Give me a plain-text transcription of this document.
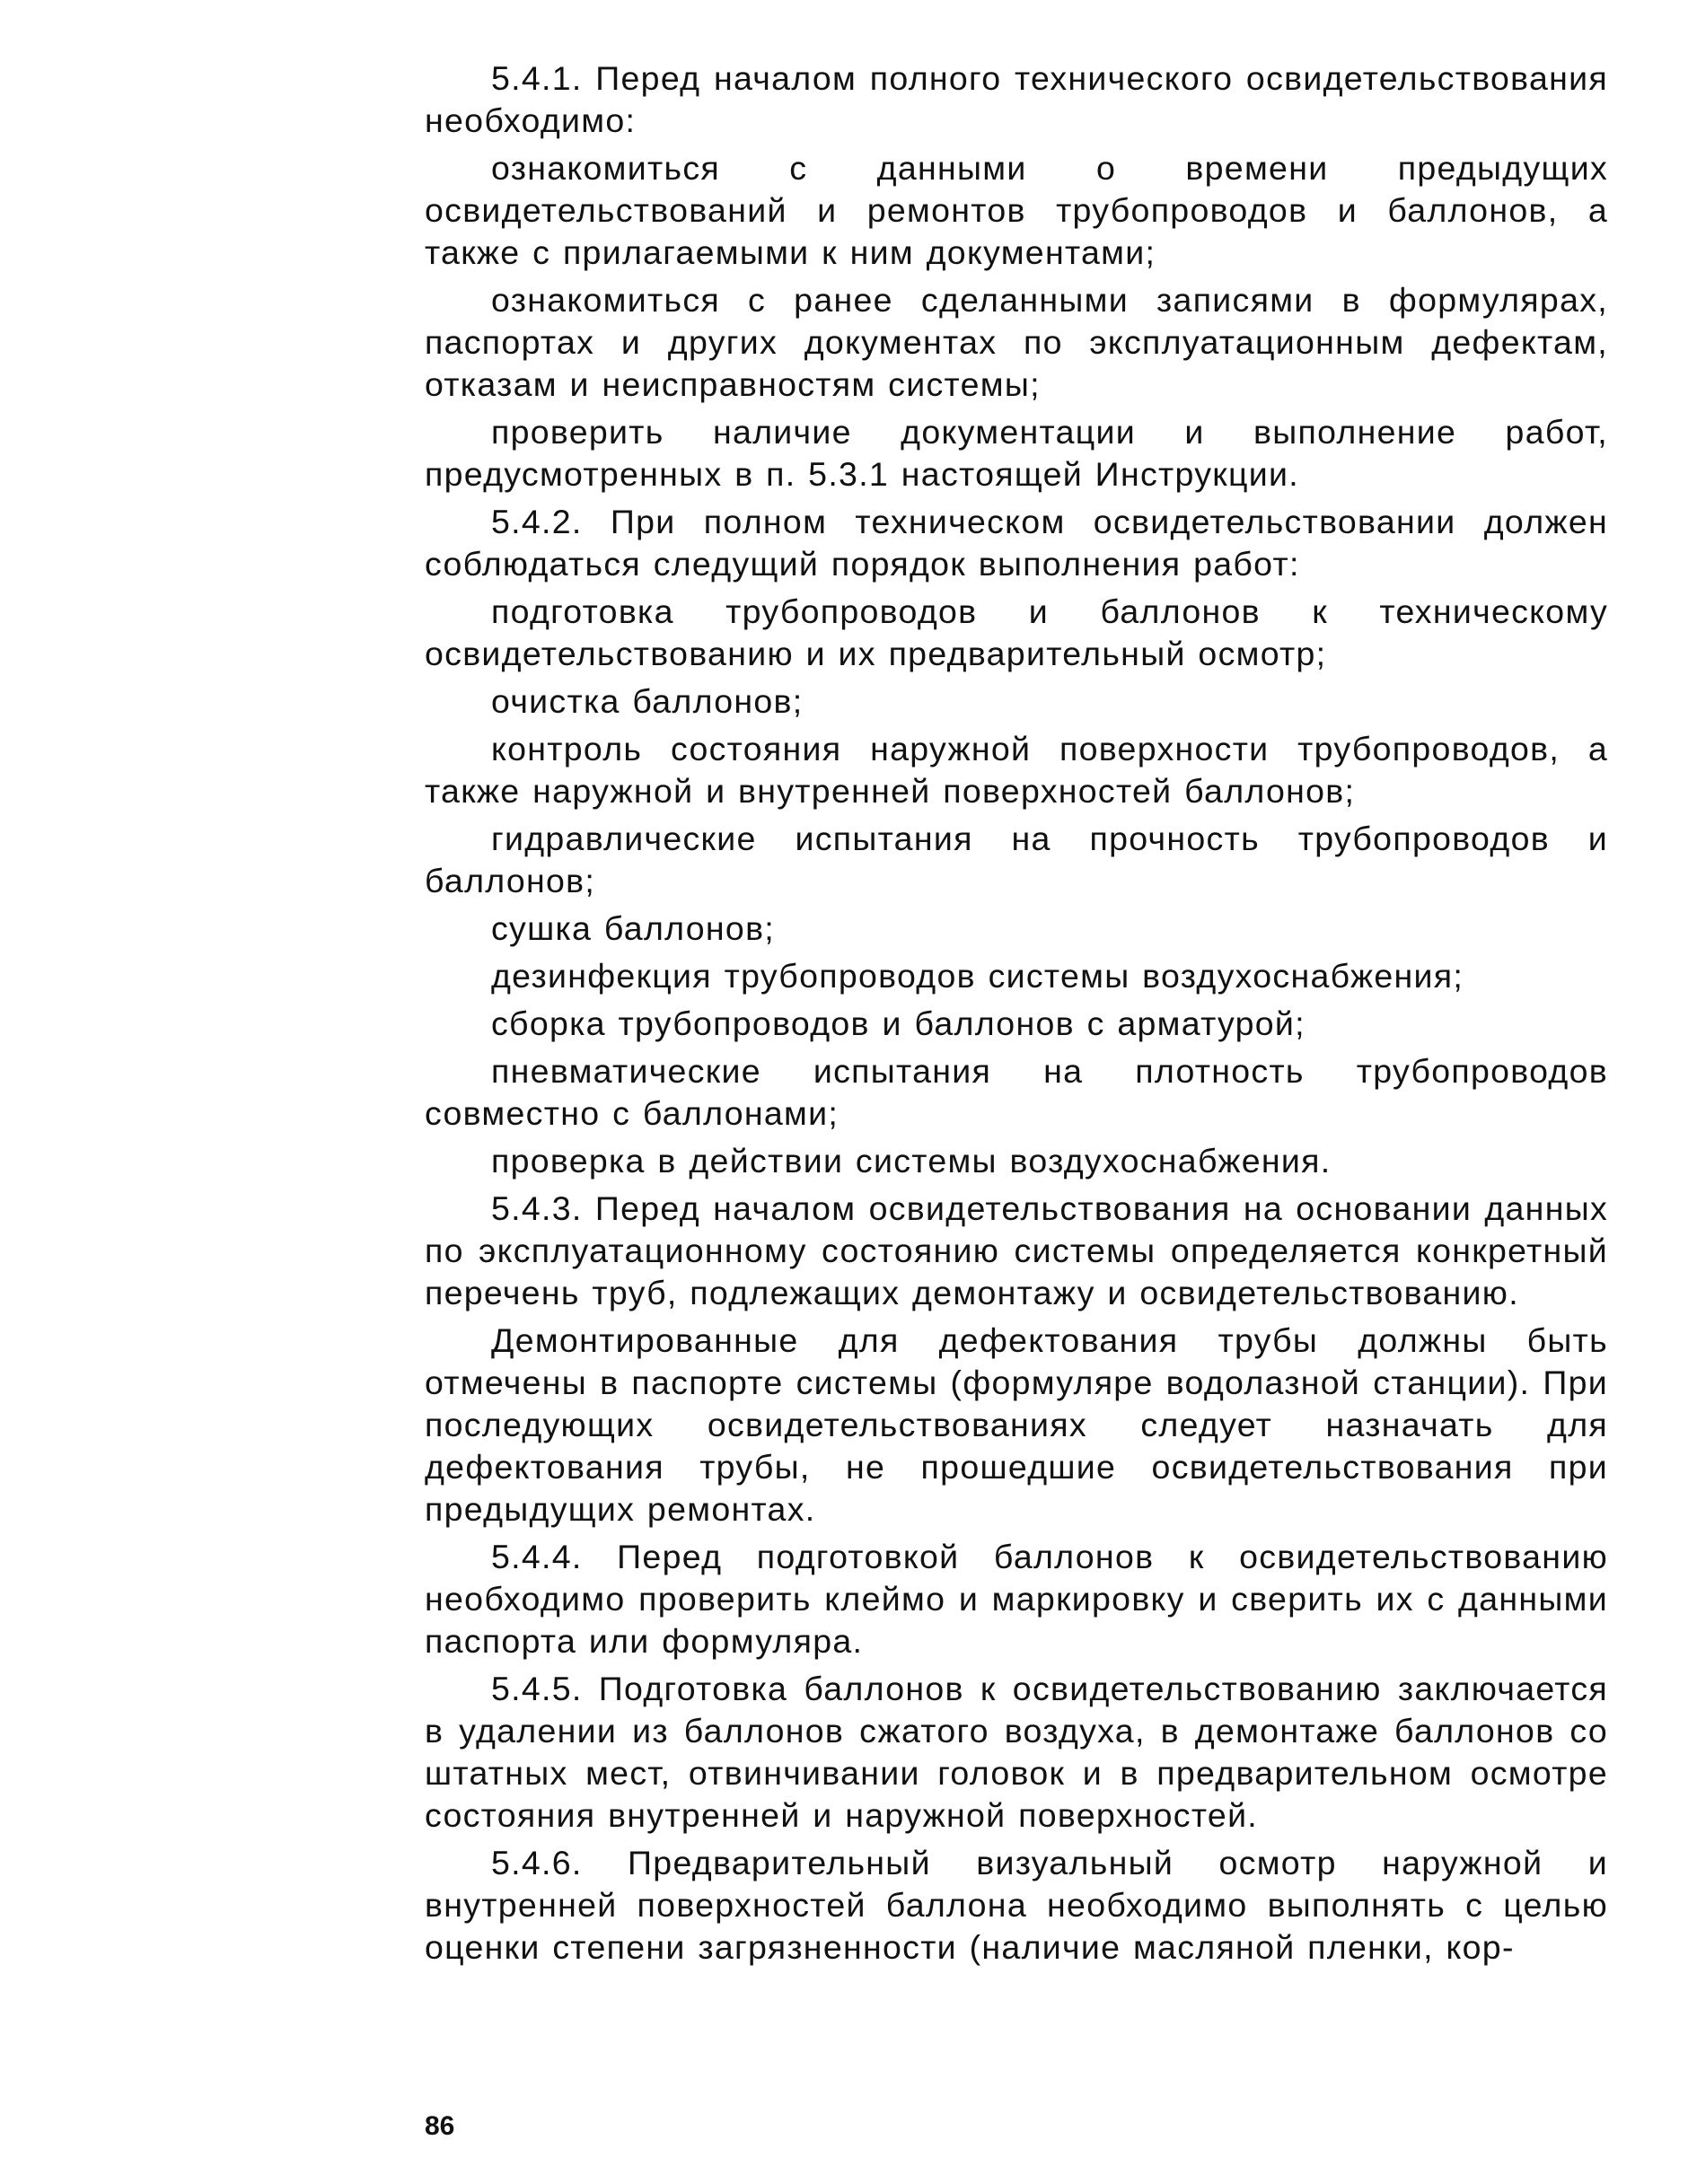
5.4.1. Перед началом полного технического освидетельствования необходимо:

ознакомиться с данными о времени предыдущих освидетельствований и ремонтов трубопроводов и баллонов, а также с прилагаемыми к ним документами;

ознакомиться с ранее сделанными записями в формулярах, паспортах и других документах по эксплуатационным дефектам, отказам и неисправностям системы;

проверить наличие документации и выполнение работ, предусмотренных в п. 5.3.1 настоящей Инструкции.

5.4.2. При полном техническом освидетельствовании должен соблюдаться следущий порядок выполнения работ:

подготовка трубопроводов и баллонов к техническому освидетельствованию и их предварительный осмотр;

очистка баллонов;

контроль состояния наружной поверхности трубопроводов, а также наружной и внутренней поверхностей баллонов;

гидравлические испытания на прочность трубопроводов и баллонов;

сушка баллонов;

дезинфекция трубопроводов системы воздухоснабжения;

сборка трубопроводов и баллонов с арматурой;

пневматические испытания на плотность трубопроводов совместно с баллонами;

проверка в действии системы воздухоснабжения.

5.4.3. Перед началом освидетельствования на основании данных по эксплуатационному состоянию системы определяется конкретный перечень труб, подлежащих демонтажу и освидетельствованию.

Демонтированные для дефектования трубы должны быть отмечены в паспорте системы (формуляре водолазной станции). При последующих освидетельствованиях следует назначать для дефектования трубы, не прошедшие освидетельствования при предыдущих ремонтах.

5.4.4. Перед подготовкой баллонов к освидетельствованию необходимо проверить клеймо и маркировку и сверить их с данными паспорта или формуляра.

5.4.5. Подготовка баллонов к освидетельствованию заключается в удалении из баллонов сжатого воздуха, в демонтаже баллонов со штатных мест, отвинчивании головок и в предварительном осмотре состояния внутренней и наружной поверхностей.

5.4.6. Предварительный визуальный осмотр наружной и внутренней поверхностей баллона необходимо выполнять с целью оценки степени загрязненности (наличие масляной пленки, кор-

86
